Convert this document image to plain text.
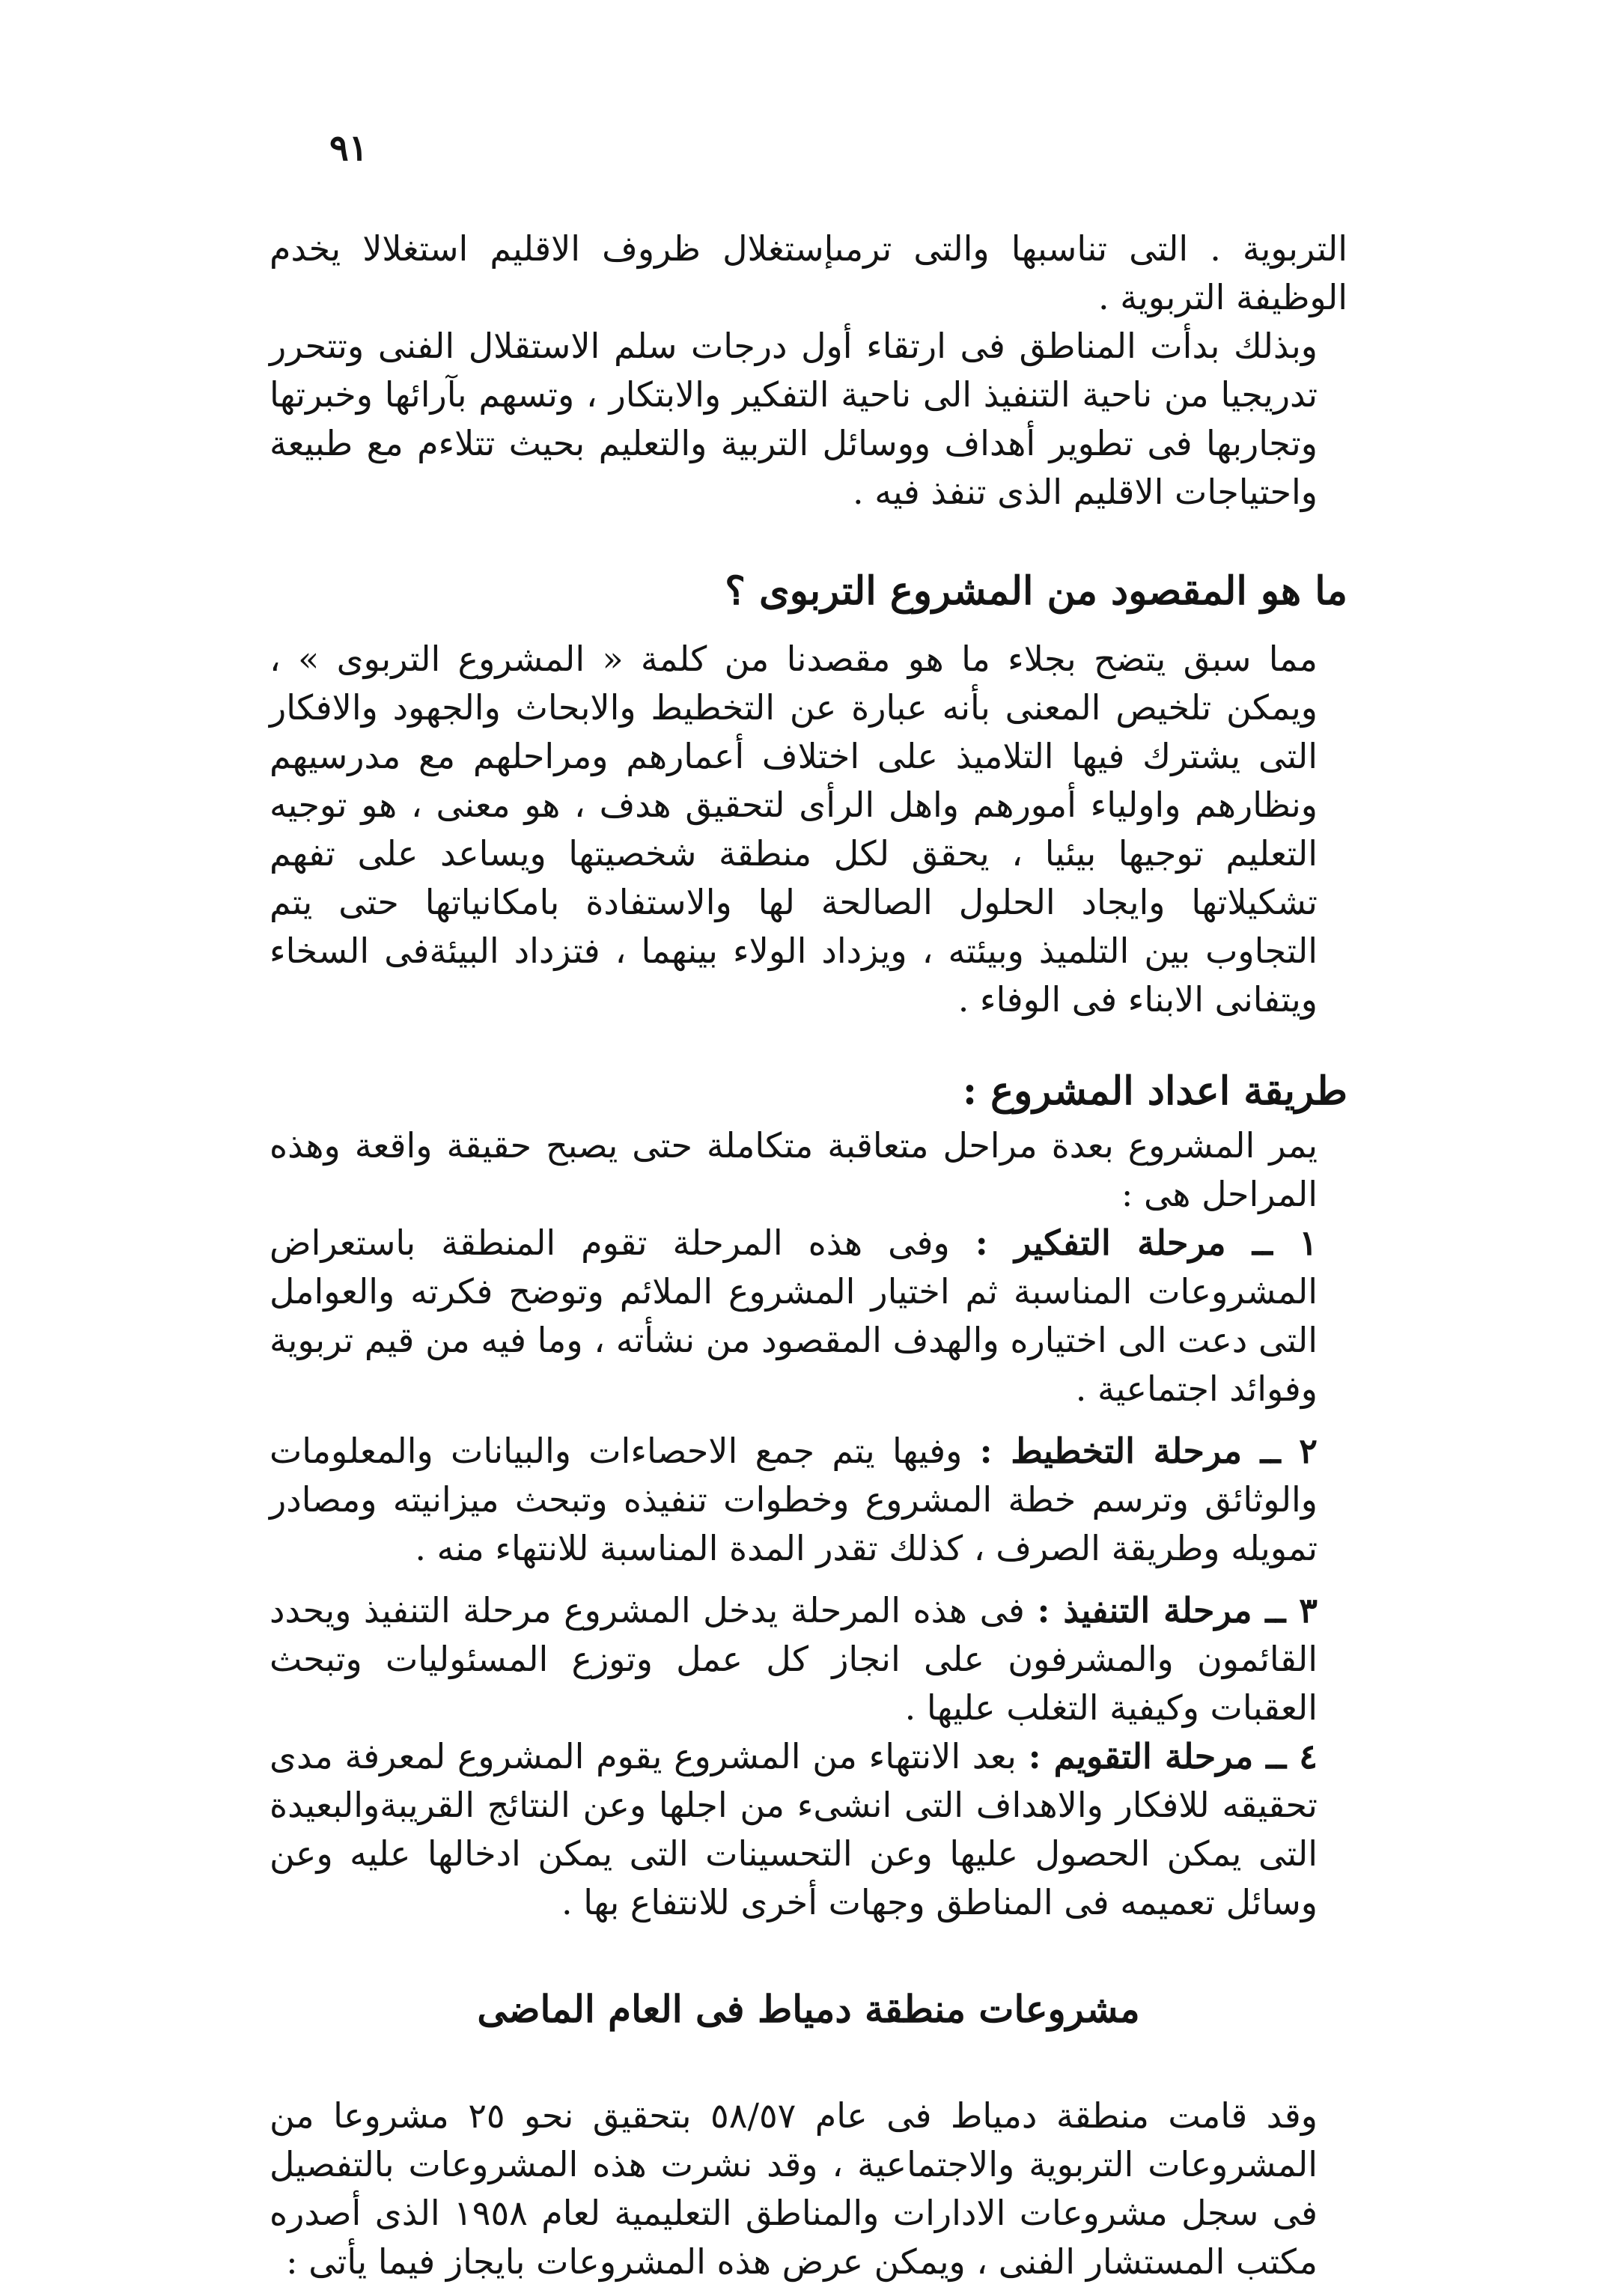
٩١

التربوية . التى تناسبها والتى ترمىإستغلال ظروف الاقليم استغلالا يخدم الوظيفة التربوية .

وبذلك بدأت المناطق فى ارتقاء أول درجات سلم الاستقلال الفنى وتتحرر تدريجيا من ناحية التنفيذ الى ناحية التفكير والابتكار ، وتسهم بآرائها وخبرتها وتجاربها فى تطوير أهداف ووسائل التربية والتعليم بحيث تتلاءم مع طبيعة واحتياجات الاقليم الذى تنفذ فيه .

ما هو المقصود من المشروع التربوى ؟

مما سبق يتضح بجلاء ما هو مقصدنا من كلمة « المشروع التربوى » ، ويمكن تلخيص المعنى بأنه عبارة عن التخطيط والابحاث والجهود والافكار التى يشترك فيها التلاميذ على اختلاف أعمارهم ومراحلهم مع مدرسيهم ونظارهم واولياء أمورهم واهل الرأى لتحقيق هدف ، هو معنى ، هو توجيه التعليم توجيها بيئيا ، يحقق لكل منطقة شخصيتها ويساعد على تفهم تشكيلاتها وايجاد الحلول الصالحة لها والاستفادة بامكانياتها حتى يتم التجاوب بين التلميذ وبيئته ، ويزداد الولاء بينهما ، فتزداد البيئةفى السخاء ويتفانى الابناء فى الوفاء .

طريقة اعداد المشروع :

يمر المشروع بعدة مراحل متعاقبة متكاملة حتى يصبح حقيقة واقعة وهذه المراحل هى :

١ ــ مرحلة التفكير : وفى هذه المرحلة تقوم المنطقة باستعراض المشروعات المناسبة ثم اختيار المشروع الملائم وتوضح فكرته والعوامل التى دعت الى اختياره والهدف المقصود من نشأته ، وما فيه من قيم تربوية وفوائد اجتماعية .

٢ ــ مرحلة التخطيط : وفيها يتم جمع الاحصاءات والبيانات والمعلومات والوثائق وترسم خطة المشروع وخطوات تنفيذه وتبحث ميزانيته ومصادر تمويله وطريقة الصرف ، كذلك تقدر المدة المناسبة للانتهاء منه .

٣ ــ مرحلة التنفيذ : فى هذه المرحلة يدخل المشروع مرحلة التنفيذ ويحدد القائمون والمشرفون على انجاز كل عمل وتوزع المسئوليات وتبحث العقبات وكيفية التغلب عليها .

٤ ــ مرحلة التقويم : بعد الانتهاء من المشروع يقوم المشروع لمعرفة مدى تحقيقه للافكار والاهداف التى انشىء من اجلها وعن النتائج القريبةوالبعيدة التى يمكن الحصول عليها وعن التحسينات التى يمكن ادخالها عليه وعن وسائل تعميمه فى المناطق وجهات أخرى للانتفاع بها .

مشروعات منطقة دمياط فى العام الماضى

وقد قامت منطقة دمياط فى عام ٥٨/٥٧ بتحقيق نحو ٢٥ مشروعا من المشروعات التربوية والاجتماعية ، وقد نشرت هذه المشروعات بالتفصيل فى سجل مشروعات الادارات والمناطق التعليمية لعام ١٩٥٨ الذى أصدره مكتب المستشار الفنى ، ويمكن عرض هذه المشروعات بايجاز فيما يأتى :
